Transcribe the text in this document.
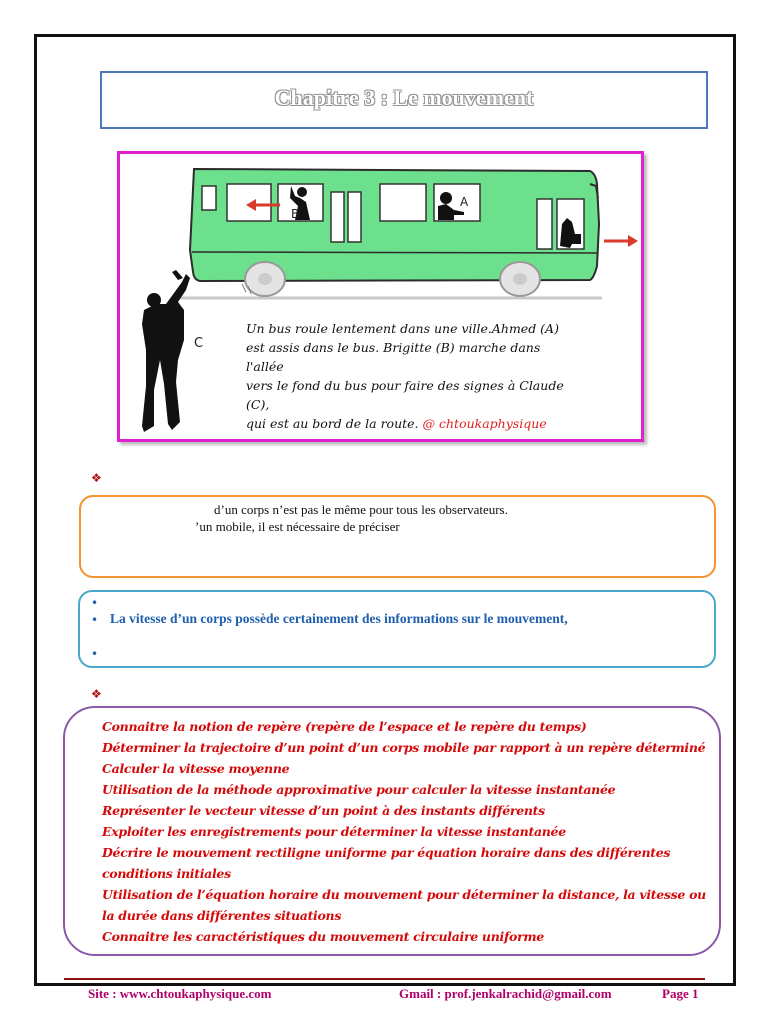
Chapitre 3 : Le mouvement
B
A
C
Un bus roule lentement dans une ville.Ahmed (A)
est assis dans le bus. Brigitte (B) marche dans l'allée
vers le fond du bus pour faire des signes à Claude (C),
qui est au bord de la route. @ chtoukaphysique
❖
d’un corps n’est pas le même pour tous les observateurs.
’un mobile, il est nécessaire de préciser
•
• La vitesse d’un corps possède certainement des informations sur le mouvement,
•
❖
Connaitre la notion de repère (repère de l’espace et le repère du temps)
Déterminer la trajectoire d’un point d’un corps mobile par rapport à un repère déterminé
Calculer la vitesse moyenne
Utilisation de la méthode approximative pour calculer la vitesse instantanée
Représenter le vecteur vitesse d’un point à des instants différents
Exploiter les enregistrements pour déterminer la vitesse instantanée
Décrire le mouvement rectiligne uniforme par équation horaire dans des différentes conditions initiales
Utilisation de l’équation horaire du mouvement pour déterminer la distance, la vitesse ou la durée dans différentes situations
Connaitre les caractéristiques du mouvement circulaire uniforme
Site : www.chtoukaphysique.com	Gmail : prof.jenkalrachid@gmail.com	Page 1
